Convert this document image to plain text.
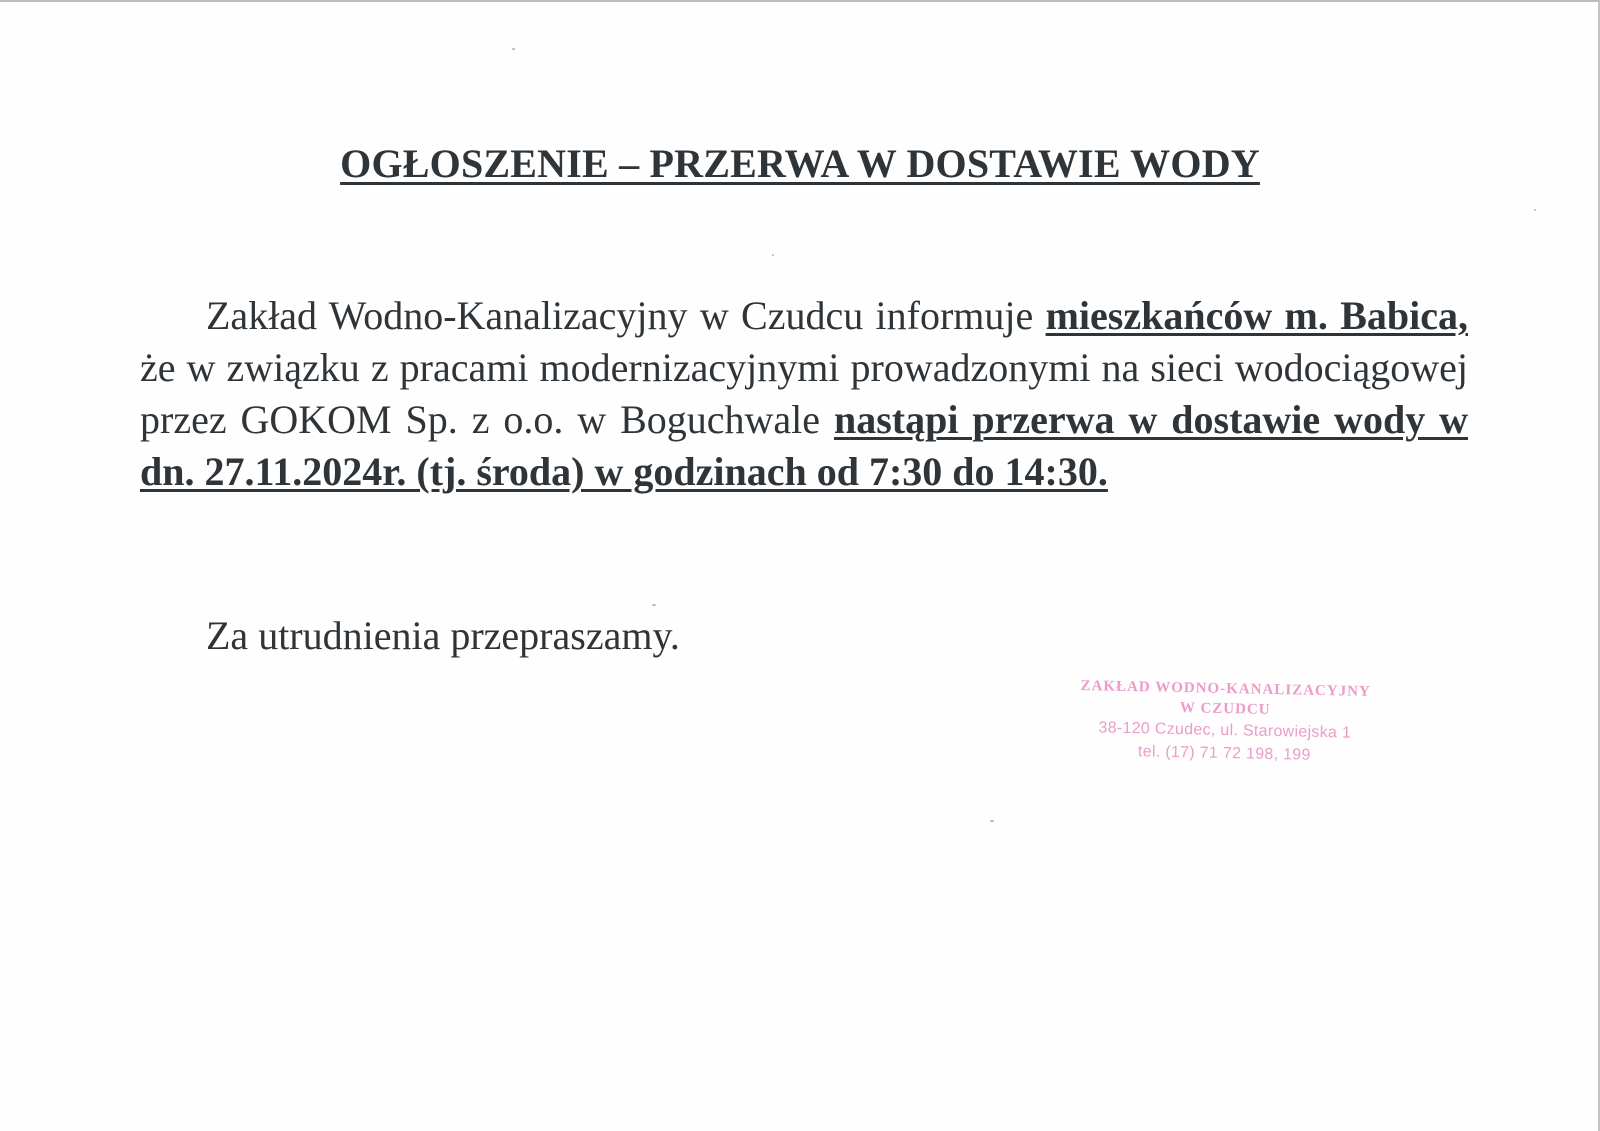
OGŁOSZENIE – PRZERWA W DOSTAWIE WODY

Zakład Wodno-Kanalizacyjny w Czudcu informuje mieszkańców m. Babica, że w związku z pracami modernizacyjnymi prowadzonymi na sieci wodociągowej przez GOKOM Sp. z o.o. w Boguchwale nastąpi przerwa w dostawie wody w dn. 27.11.2024r. (tj. środa) w godzinach od 7:30 do 14:30.

Za utrudnienia przepraszamy.

ZAKŁAD WODNO-KANALIZACYJNY
W CZUDCU
38-120 Czudec, ul. Starowiejska 1
tel. (17) 71 72 198, 199
